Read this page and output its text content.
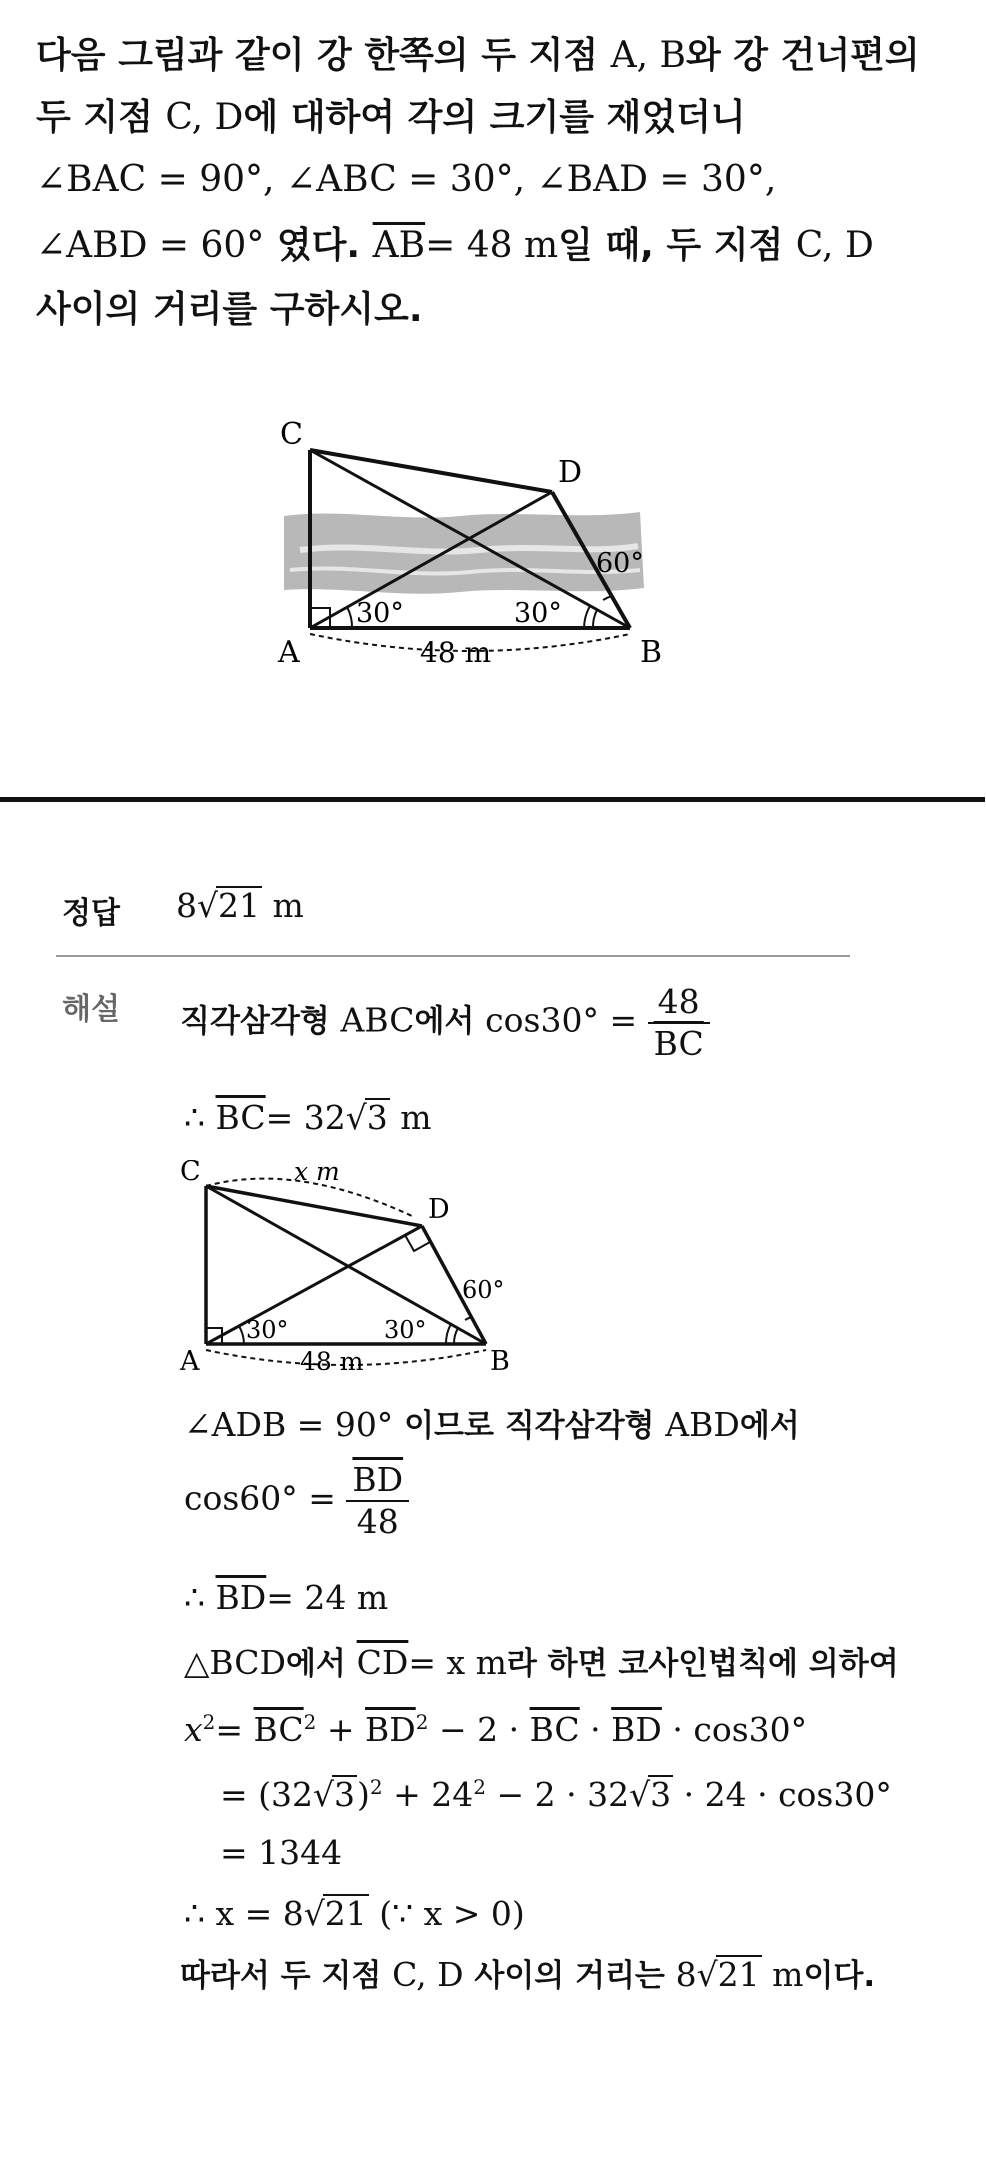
다음 그림과 같이 강 한쪽의 두 지점 A, B와 강 건너편의
두 지점 C, D에 대하여 각의 크기를 재었더니
∠BAC = 90°, ∠ABC = 30°, ∠BAD = 30°,
∠ABD = 60° 였다. $\overline{AB}= 48$ m일 때, 두 지점 C, D
사이의 거리를 구하시오.
C
D
A	B
30°	30°
60°
48 m
정답 8√21 m
해설 직각삼각형 ABC에서 $\cos 30^\circ = \frac{48}{BC}$
∴ $\overline{BC}= 32√3$ m
C
D
A	B
x m
30°	30°
60°
48 m
∠ADB = 90° 이므로 직각삼각형 ABD에서
$\cos 60^\circ = \frac{\overline{BD}}{48}$
∴ $\overline{BD}= 24$ m
△BCD에서 $\overline{CD}= x$ m라 하면 코사인법칙에 의하여
$x^2= \overline{BC}^2 + \overline{BD}^2 - 2 \cdot \overline{BC} \cdot \overline{BD} \cdot \cos 30^\circ$
= $(32√3)^2 + 24^2 - 2 \cdot 32√3 \cdot 24 \cdot \cos 30^\circ$
= 1344
∴ x = 8√21 (∵ x > 0)
따라서 두 지점 C, D 사이의 거리는 8√21 m이다.
